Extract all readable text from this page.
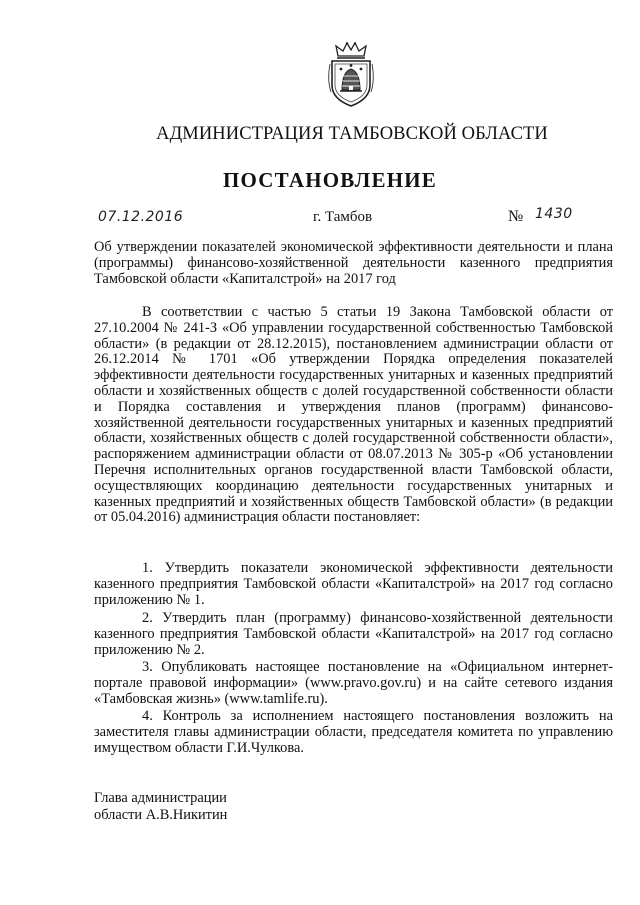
АДМИНИСТРАЦИЯ ТАМБОВСКОЙ ОБЛАСТИ
ПОСТАНОВЛЕНИЕ
07.12.2016	г. Тамбов	№ 1430

Об утверждении показателей экономической эффективности деятельности и плана (программы) финансово-хозяйственной деятельности казенного предприятия Тамбовской области «Капиталстрой» на 2017 год

В соответствии с частью 5 статьи 19 Закона Тамбовской области от 27.10.2004 № 241-З «Об управлении государственной собственностью Тамбовской области» (в редакции от 28.12.2015), постановлением администрации области от 26.12.2014 № 1701 «Об утверждении Порядка определения показателей эффективности деятельности государственных унитарных и казенных предприятий области и хозяйственных обществ с долей государственной собственности области и Порядка составления и утверждения планов (программ) финансово-хозяйственной деятельности государственных унитарных и казенных предприятий области, хозяйственных обществ с долей государственной собственности области», распоряжением администрации области от 08.07.2013 № 305-р «Об установлении Перечня исполнительных органов государственной власти Тамбовской области, осуществляющих координацию деятельности государственных унитарных и казенных предприятий и хозяйственных обществ Тамбовской области» (в редакции от 05.04.2016) администрация области постановляет:

1. Утвердить показатели экономической эффективности деятельности казенного предприятия Тамбовской области «Капиталстрой» на 2017 год согласно приложению № 1.

2. Утвердить план (программу) финансово-хозяйственной деятельности казенного предприятия Тамбовской области «Капиталстрой» на 2017 год согласно приложению № 2.

3. Опубликовать настоящее постановление на «Официальном интернет-портале правовой информации» (www.pravo.gov.ru) и на сайте сетевого издания «Тамбовская жизнь» (www.tamlife.ru).

4. Контроль за исполнением настоящего постановления возложить на заместителя главы администрации области, председателя комитета по управлению имуществом области Г.И.Чулкова.

Глава администрации
области А.В.Никитин
